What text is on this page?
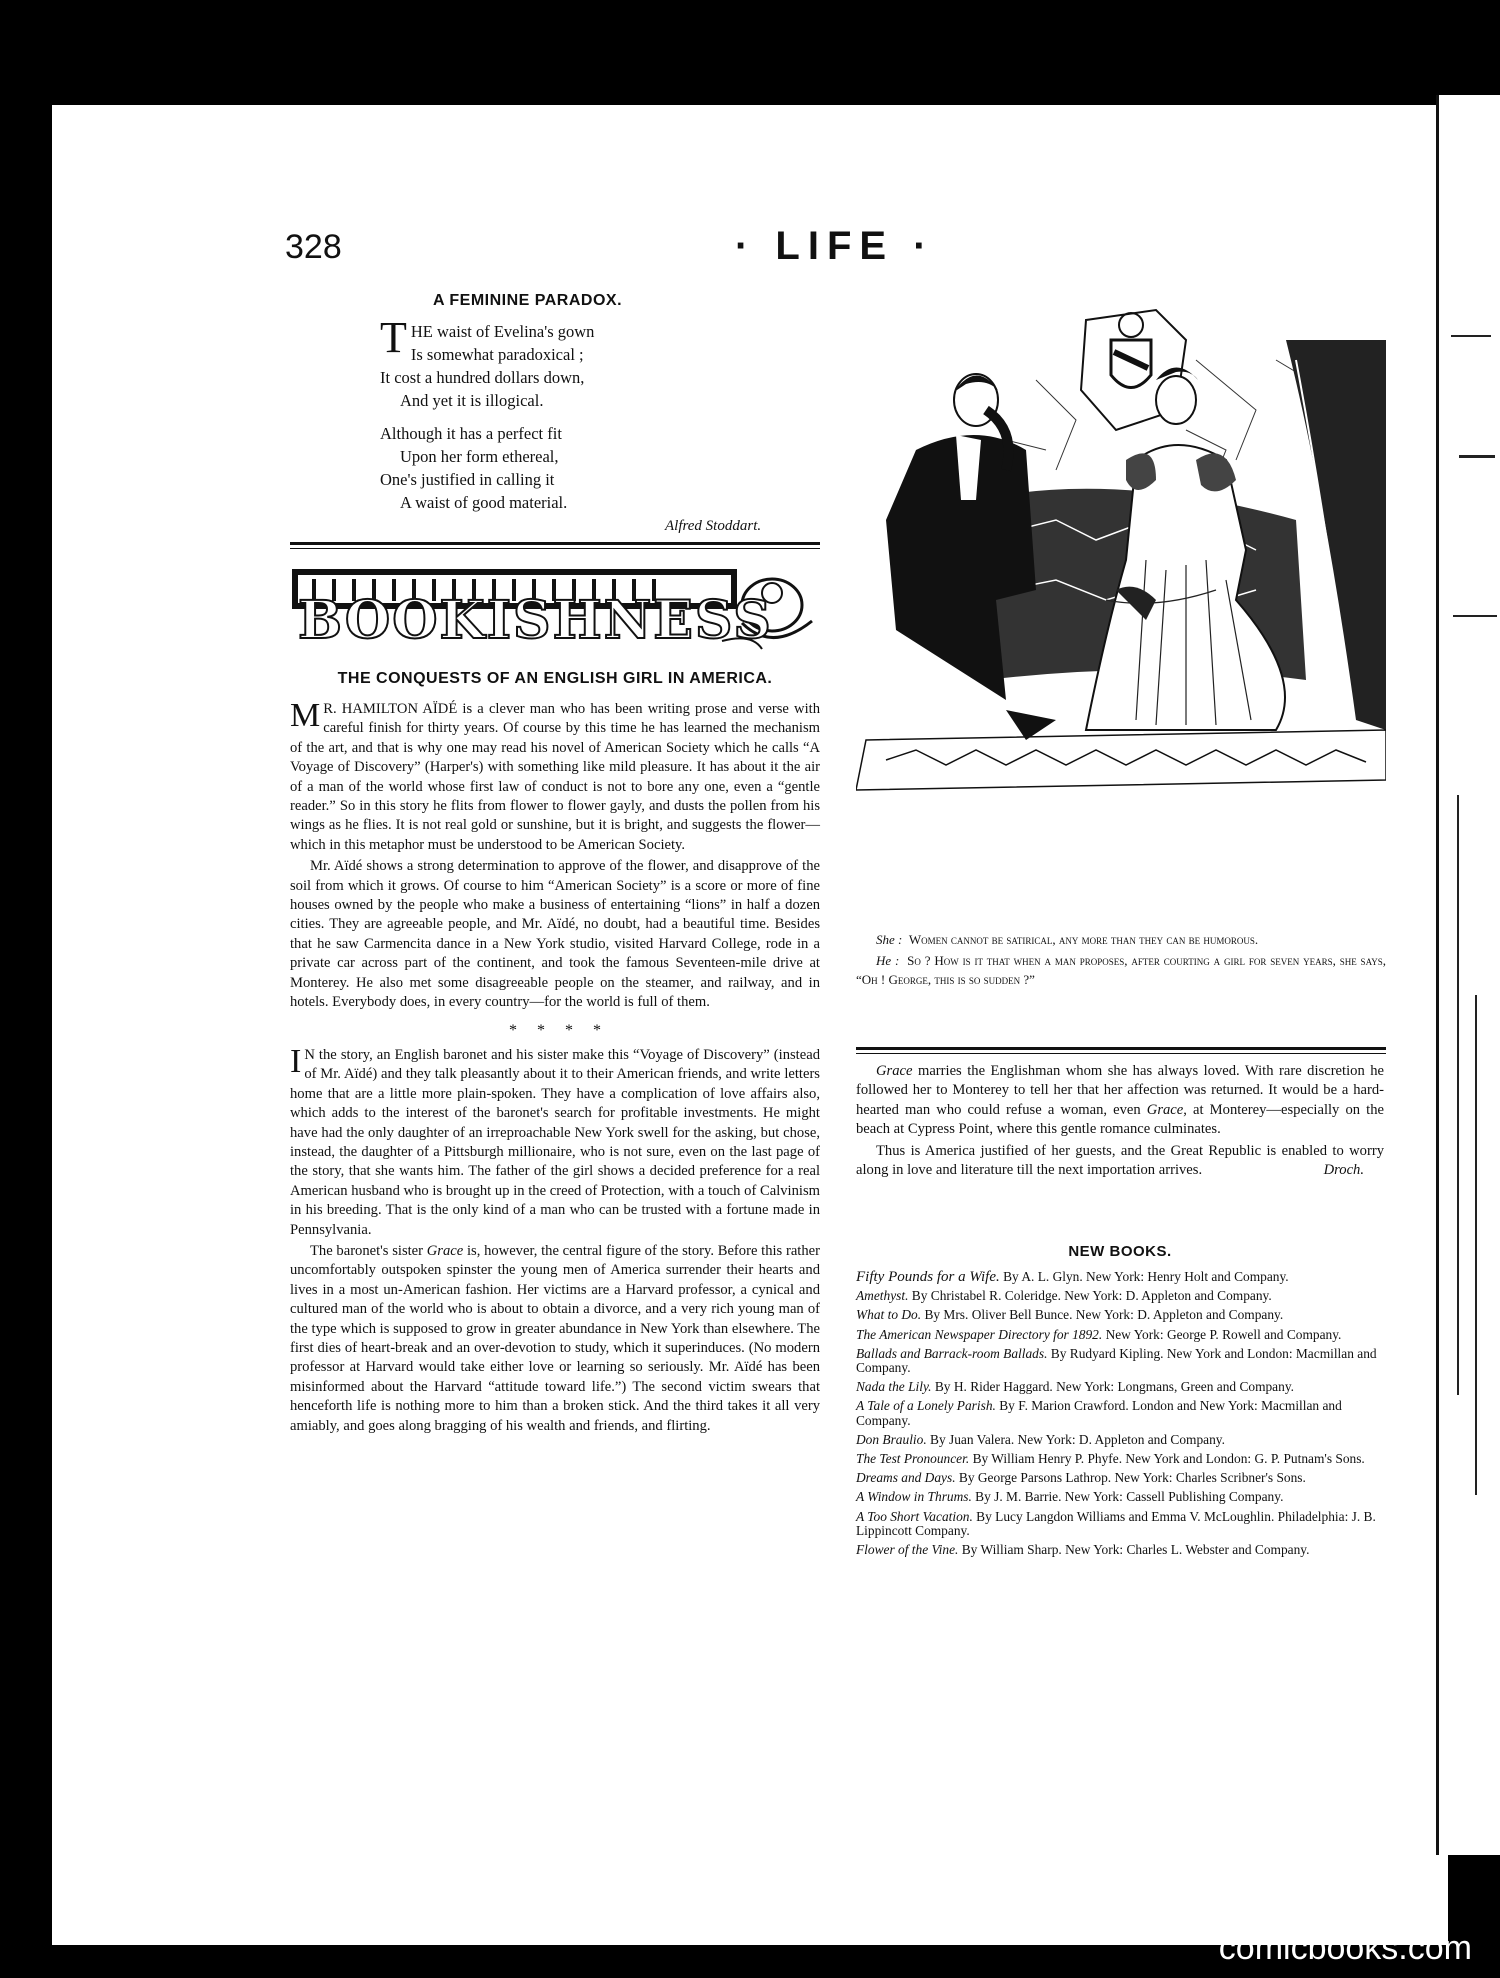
328	· LIFE ·
A FEMININE PARADOX.
THE waist of Evelina's gown
Is somewhat paradoxical ;
It cost a hundred dollars down,
And yet it is illogical.
Although it has a perfect fit
Upon her form ethereal,
One's justified in calling it
A waist of good material.
Alfred Stoddart.
BOOKISHNESS
THE CONQUESTS OF AN ENGLISH GIRL IN AMERICA.

M R. HAMILTON AÏDÉ is a clever man who has been writing prose and verse with careful finish for thirty years. Of course by this time he has learned the mechanism of the art, and that is why one may read his novel of American Society which he calls “A Voyage of Discovery” (Harper's) with something like mild pleasure. It has about it the air of a man of the world whose first law of conduct is not to bore any one, even a “gentle reader.” So in this story he flits from flower to flower gayly, and dusts the pollen from his wings as he flies. It is not real gold or sunshine, but it is bright, and suggests the flower—which in this metaphor must be understood to be American Society.

Mr. Aïdé shows a strong determination to approve of the flower, and disapprove of the soil from which it grows. Of course to him “American Society” is a score or more of fine houses owned by the people who make a business of entertaining “lions” in half a dozen cities. They are agreeable people, and Mr. Aïdé, no doubt, had a beautiful time. Besides that he saw Carmencita dance in a New York studio, visited Harvard College, rode in a private car across part of the continent, and took the famous Seventeen-mile drive at Monterey. He also met some disagreeable people on the steamer, and railway, and in hotels. Everybody does, in every country—for the world is full of them.

*     *     *     *

I N the story, an English baronet and his sister make this “Voyage of Discovery” (instead of Mr. Aïdé) and they talk pleasantly about it to their American friends, and write letters home that are a little more plain-spoken. They have a complication of love affairs also, which adds to the interest of the baronet's search for profitable investments. He might have had the only daughter of an irreproachable New York swell for the asking, but chose, instead, the daughter of a Pittsburgh millionaire, who is not sure, even on the last page of the story, that she wants him. The father of the girl shows a decided preference for a real American husband who is brought up in the creed of Protection, with a touch of Calvinism in his breeding. That is the only kind of a man who can be trusted with a fortune made in Pennsylvania.

The baronet's sister Grace is, however, the central figure of the story. Before this rather uncomfortably outspoken spinster the young men of America surrender their hearts and lives in a most un-American fashion. Her victims are a Harvard professor, a cynical and cultured man of the world who is about to obtain a divorce, and a very rich young man of the type which is supposed to grow in greater abundance in New York than elsewhere. The first dies of heart-break and an over-devotion to study, which it superinduces. (No modern professor at Harvard would take either love or learning so seriously. Mr. Aïdé has been misinformed about the Harvard “attitude toward life.”) The second victim swears that henceforth life is nothing more to him than a broken stick. And the third takes it all very amiably, and goes along bragging of his wealth and friends, and flirting.

She : Women cannot be satirical, any more than they can be humorous.

He : So ? How is it that when a man proposes, after courting a girl for seven years, she says, “Oh ! George, this is so sudden ?”

Grace marries the Englishman whom she has always loved. With rare discretion he followed her to Monterey to tell her that her affection was returned. It would be a hard-hearted man who could refuse a woman, even Grace, at Monterey—especially on the beach at Cypress Point, where this gentle romance culminates.

Thus is America justified of her guests, and the Great Republic is enabled to worry along in love and literature till the next importation arrives.	Droch.

NEW BOOKS.
Fifty Pounds for a Wife. By A. L. Glyn. New York: Henry Holt and Company.
Amethyst. By Christabel R. Coleridge. New York: D. Appleton and Company.
What to Do. By Mrs. Oliver Bell Bunce. New York: D. Appleton and Company.
The American Newspaper Directory for 1892. New York: George P. Rowell and Company.
Ballads and Barrack-room Ballads. By Rudyard Kipling. New York and London: Macmillan and Company.
Nada the Lily. By H. Rider Haggard. New York: Longmans, Green and Company.
A Tale of a Lonely Parish. By F. Marion Crawford. London and New York: Macmillan and Company.
Don Braulio. By Juan Valera. New York: D. Appleton and Company.
The Test Pronouncer. By William Henry P. Phyfe. New York and London: G. P. Putnam's Sons.
Dreams and Days. By George Parsons Lathrop. New York: Charles Scribner's Sons.
A Window in Thrums. By J. M. Barrie. New York: Cassell Publishing Company.
A Too Short Vacation. By Lucy Langdon Williams and Emma V. McLoughlin. Philadelphia: J. B. Lippincott Company.
Flower of the Vine. By William Sharp. New York: Charles L. Webster and Company.
comicbooks.com
